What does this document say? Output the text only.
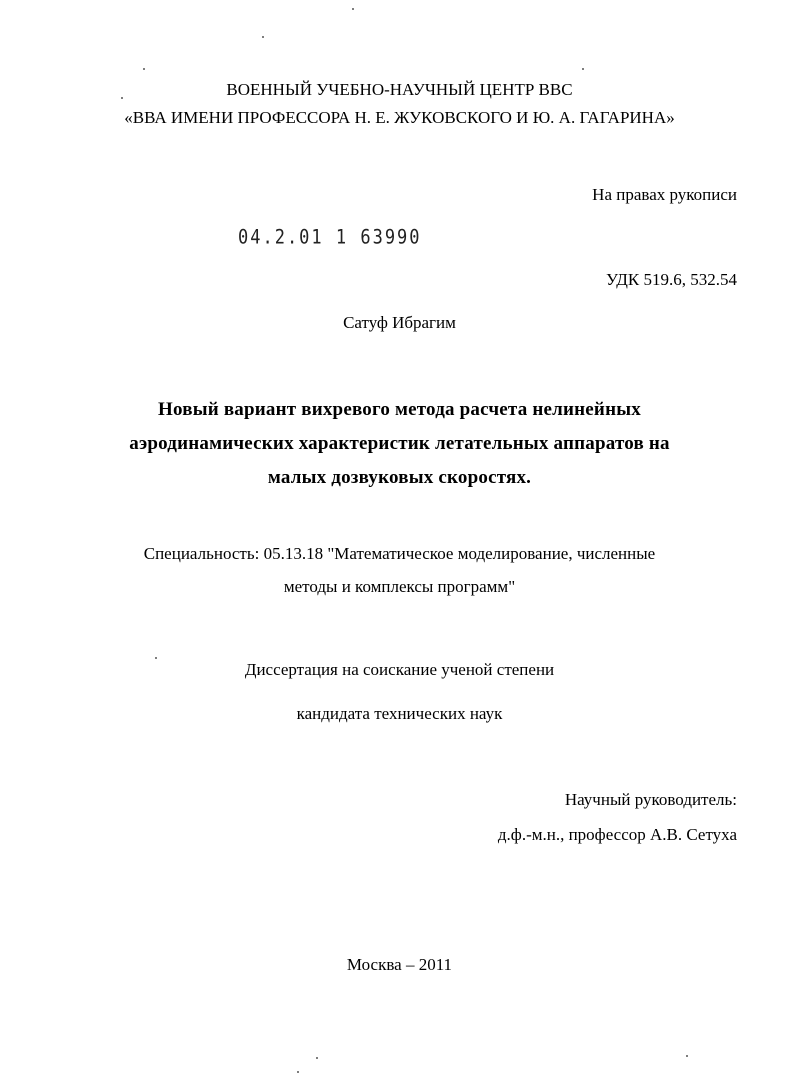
ВОЕННЫЙ УЧЕБНО-НАУЧНЫЙ ЦЕНТР ВВС
«ВВА ИМЕНИ ПРОФЕССОРА Н. Е. ЖУКОВСКОГО И Ю. А. ГАГАРИНА»
На правах рукописи
04.2.01 1 63990
УДК 519.6, 532.54
Сатуф Ибрагим
Новый вариант вихревого метода расчета нелинейных
аэродинамических характеристик летательных аппаратов на
малых дозвуковых скоростях.
Специальность: 05.13.18 "Математическое моделирование, численные
методы и комплексы программ"
Диссертация на соискание ученой степени
кандидата технических наук
Научный руководитель:
д.ф.-м.н., профессор А.В. Сетуха
Москва – 2011
